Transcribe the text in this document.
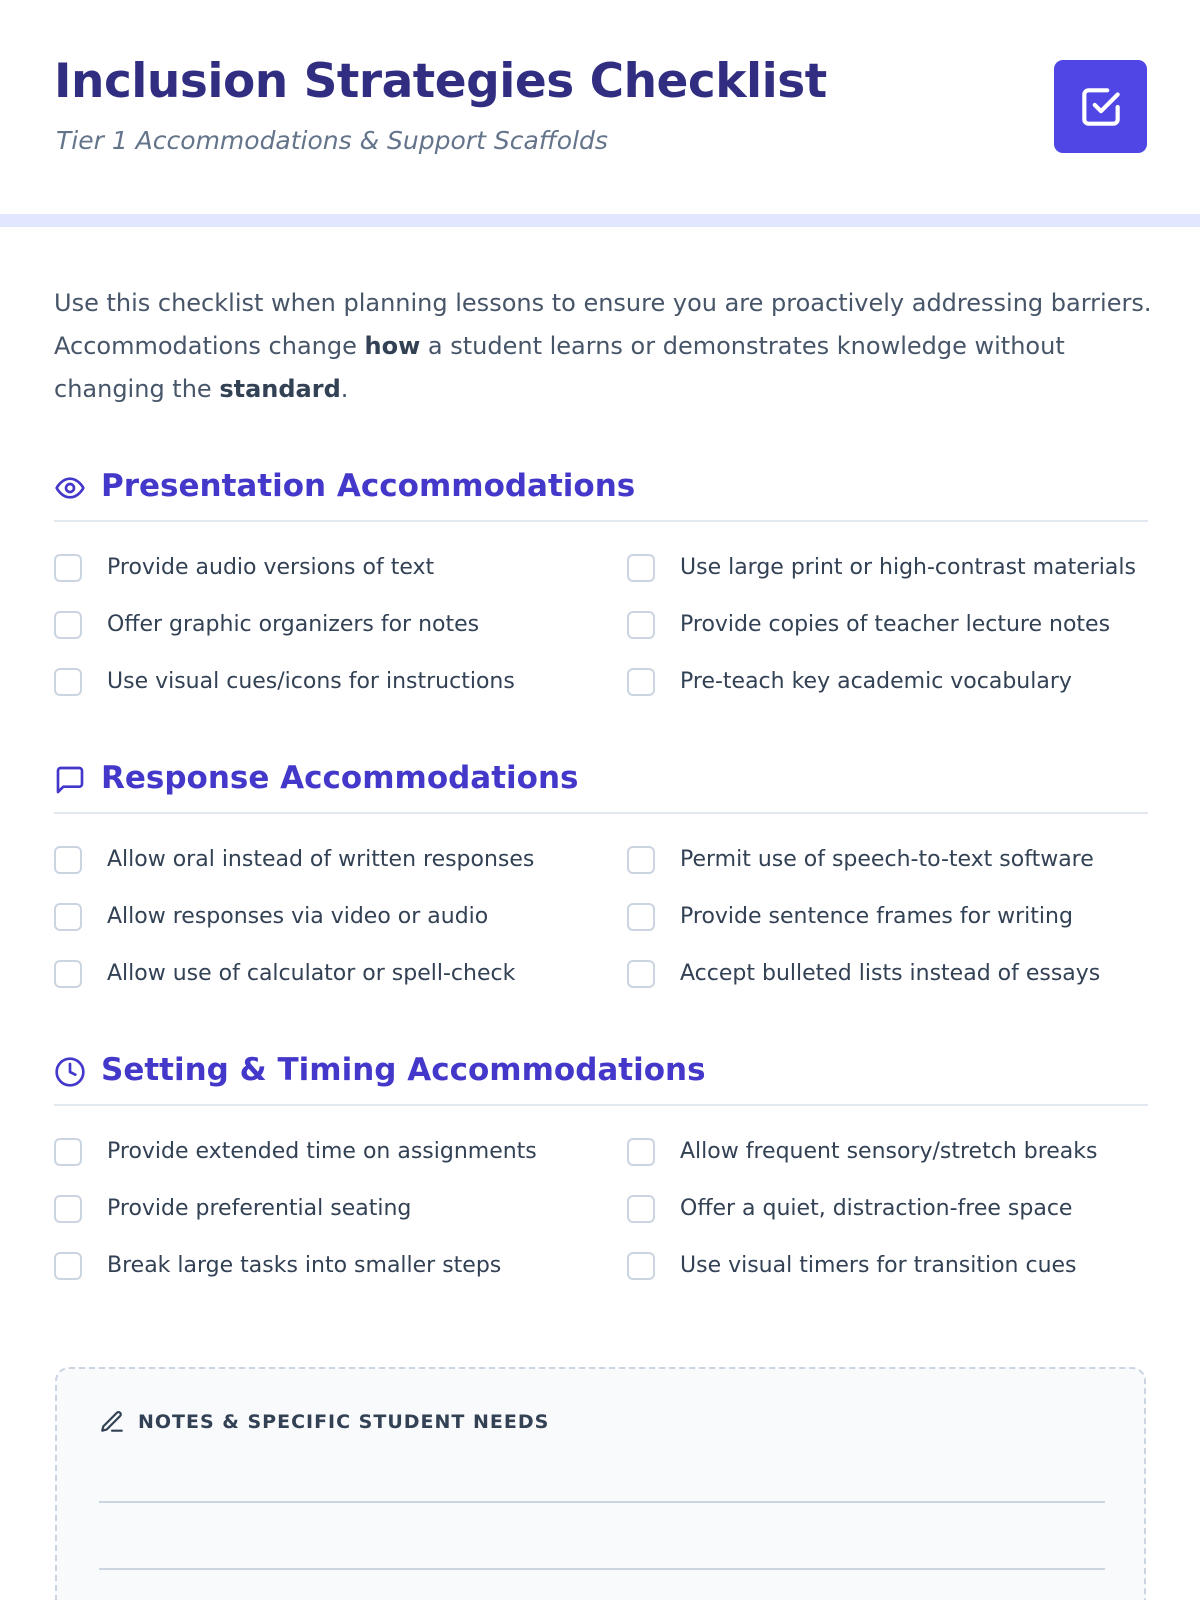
Inclusion Strategies Checklist
Tier 1 Accommodations & Support Scaffolds

Use this checklist when planning lessons to ensure you are proactively addressing barriers. Accommodations change how a student learns or demonstrates knowledge without changing the standard.

Presentation Accommodations
Provide audio versions of text	Use large print or high-contrast materials
Offer graphic organizers for notes	Provide copies of teacher lecture notes
Use visual cues/icons for instructions	Pre-teach key academic vocabulary
Response Accommodations
Allow oral instead of written responses	Permit use of speech-to-text software
Allow responses via video or audio	Provide sentence frames for writing
Allow use of calculator or spell-check	Accept bulleted lists instead of essays
Setting & Timing Accommodations
Provide extended time on assignments	Allow frequent sensory/stretch breaks
Provide preferential seating	Offer a quiet, distraction-free space
Break large tasks into smaller steps	Use visual timers for transition cues
NOTES & SPECIFIC STUDENT NEEDS
